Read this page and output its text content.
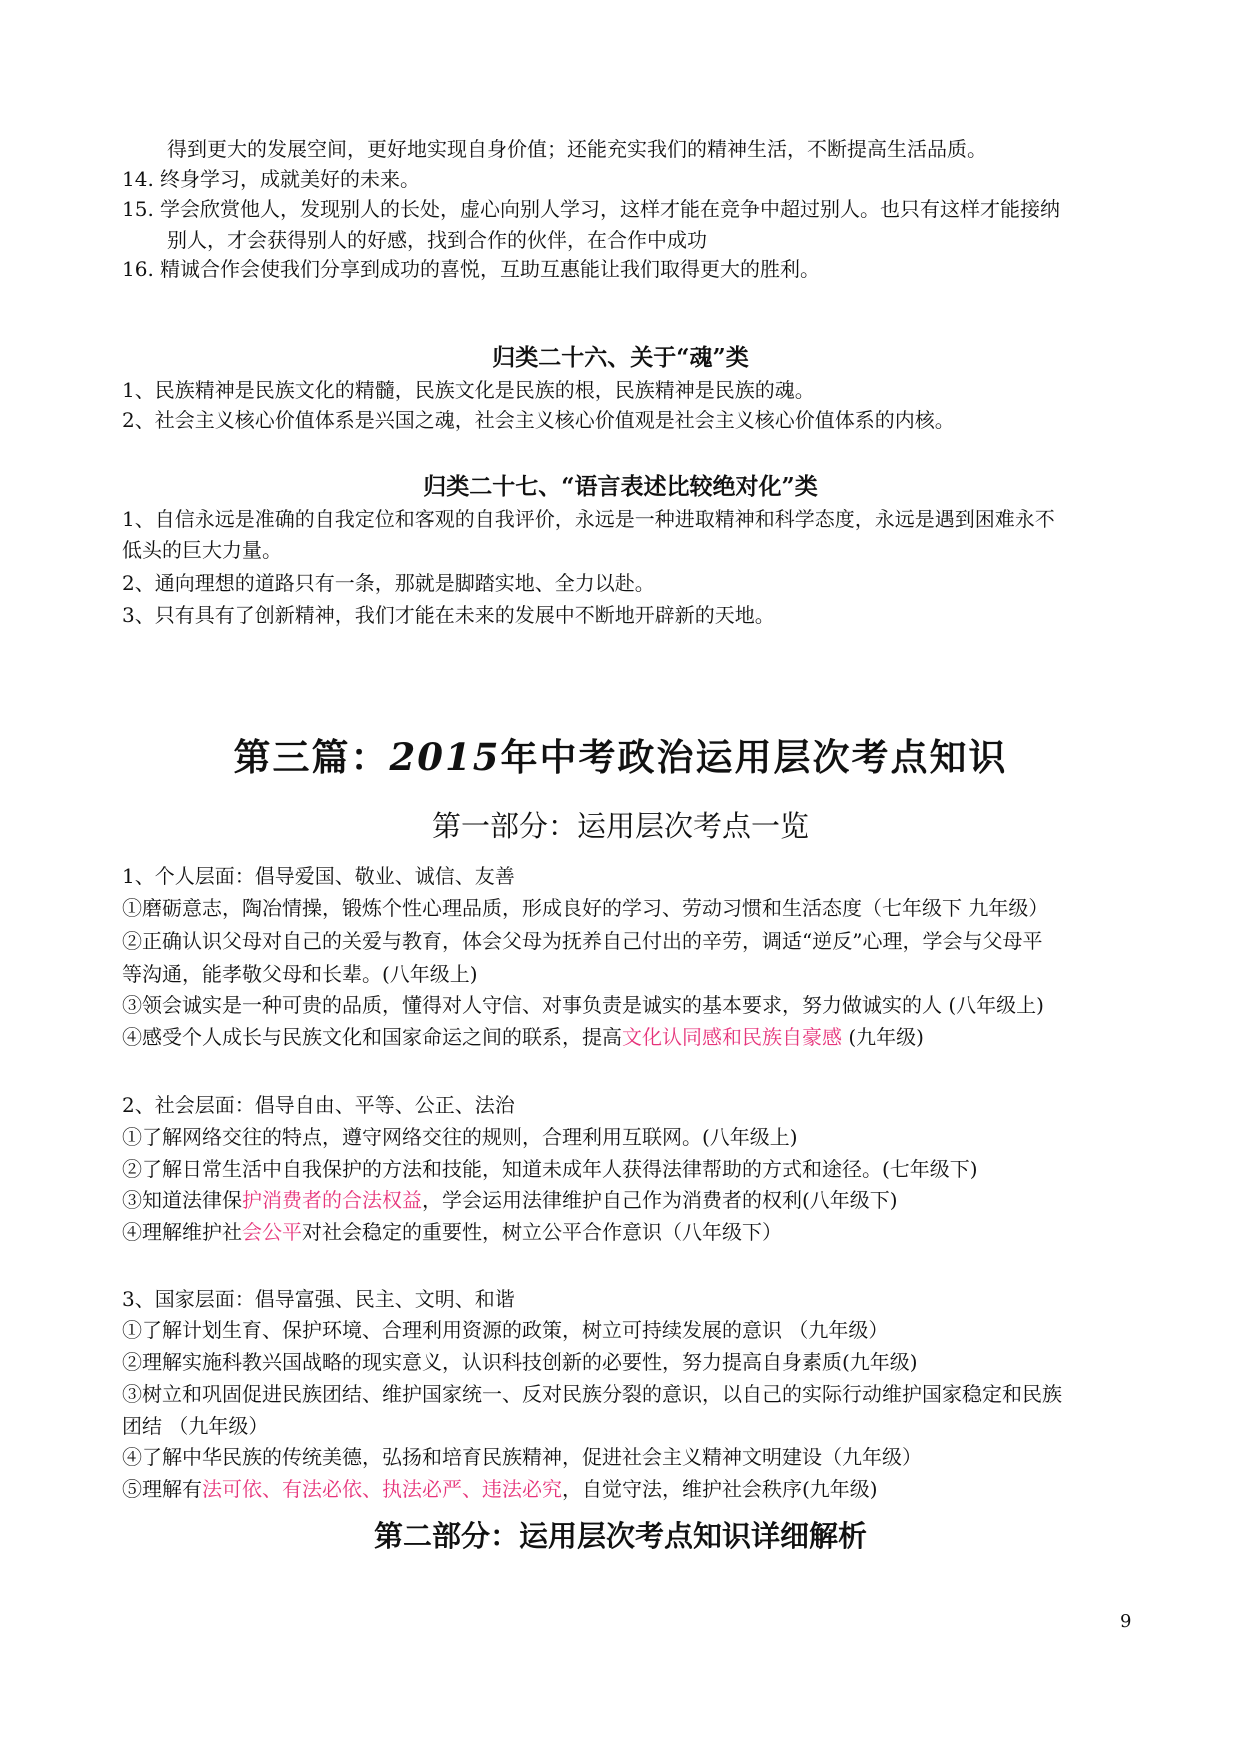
得到更大的发展空间，更好地实现自身价值；还能充实我们的精神生活，不断提高生活品质。
14.  终身学习，成就美好的未来。
15.  学会欣赏他人，发现别人的长处，虚心向别人学习，这样才能在竞争中超过别人。也只有这样才能接纳
别人，才会获得别人的好感，找到合作的伙伴，在合作中成功
16.  精诚合作会使我们分享到成功的喜悦，互助互惠能让我们取得更大的胜利。
归类二十六、关于“魂”类
1、民族精神是民族文化的精髓，民族文化是民族的根，民族精神是民族的魂。
2、社会主义核心价值体系是兴国之魂，社会主义核心价值观是社会主义核心价值体系的内核。
归类二十七、“语言表述比较绝对化”类
1、自信永远是准确的自我定位和客观的自我评价，永远是一种进取精神和科学态度，永远是遇到困难永不
低头的巨大力量。
2、通向理想的道路只有一条，那就是脚踏实地、全力以赴。
3、只有具有了创新精神，我们才能在未来的发展中不断地开辟新的天地。
第三篇：2015年中考政治运用层次考点知识
第一部分：运用层次考点一览
1、个人层面：倡导爱国、敬业、诚信、友善
①磨砺意志，陶冶情操，锻炼个性心理品质，形成良好的学习、劳动习惯和生活态度（七年级下 九年级）
②正确认识父母对自己的关爱与教育，体会父母为抚养自己付出的辛劳，调适“逆反”心理，学会与父母平
等沟通，能孝敬父母和长辈。(八年级上)
③领会诚实是一种可贵的品质，懂得对人守信、对事负责是诚实的基本要求，努力做诚实的人 (八年级上)
④感受个人成长与民族文化和国家命运之间的联系，提高文化认同感和民族自豪感 (九年级)
2、社会层面：倡导自由、平等、公正、法治
①了解网络交往的特点，遵守网络交往的规则，合理利用互联网。(八年级上)
②了解日常生活中自我保护的方法和技能，知道未成年人获得法律帮助的方式和途径。(七年级下)
③知道法律保护消费者的合法权益，学会运用法律维护自己作为消费者的权利(八年级下)
④理解维护社会公平对社会稳定的重要性，树立公平合作意识（八年级下）
3、国家层面：倡导富强、民主、文明、和谐
①了解计划生育、保护环境、合理利用资源的政策，树立可持续发展的意识 （九年级）
②理解实施科教兴国战略的现实意义，认识科技创新的必要性，努力提高自身素质(九年级)
③树立和巩固促进民族团结、维护国家统一、反对民族分裂的意识，以自己的实际行动维护国家稳定和民族
团结 （九年级）
④了解中华民族的传统美德，弘扬和培育民族精神，促进社会主义精神文明建设（九年级）
⑤理解有法可依、有法必依、执法必严、违法必究，自觉守法，维护社会秩序(九年级)
第二部分：运用层次考点知识详细解析
9
